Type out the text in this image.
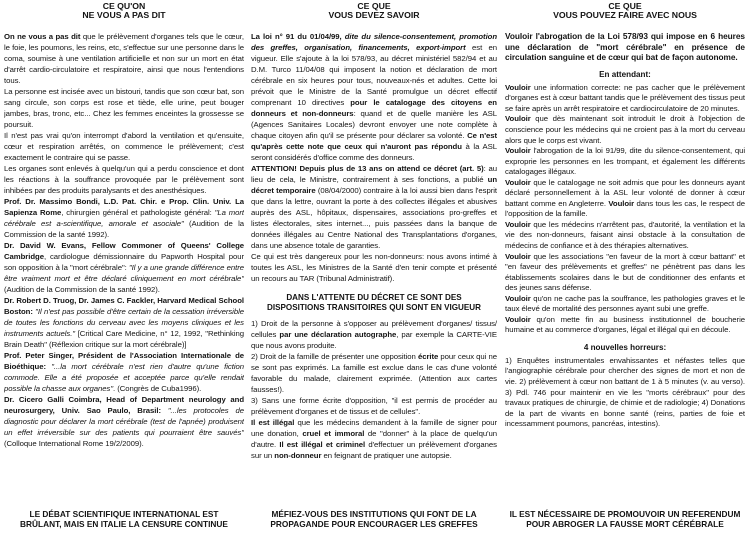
CE QU'ON
NE VOUS A PAS DIT

On ne vous a pas dit que le prélèvement d'organes tels que le cœur, le foie, les poumons, les reins, etc, s'effectue sur une personne dans le coma, soumise à une ventilation artificielle et non sur un mort en état d'arrêt cardio-circulatoire et respiratoire, ainsi que nous l'entendions tous.

La personne est incisée avec un bistouri, tandis que son cœur bat, son sang circule, son corps est rose et tiède, elle urine, peut bouger jambes, bras, tronc, etc... Chez les femmes enceintes la grossesse se poursuit.

Il n'est pas vrai qu'on interrompt d'abord la ventilation et qu'ensuite, cœur et respiration arrêtés, on commence le prélèvement; c'est exactement le contraire qui se passe.

Les organes sont enlevés à quelqu'un qui a perdu conscience et dont les réactions à la souffrance provoquée par le prélèvement sont inhibées par des produits paralysants et des anesthésiques.

Prof. Dr. Massimo Bondi, L.D. Pat. Chir. e Prop. Clin. Univ. La Sapienza Rome, chirurgien général et pathologiste général: "La mort cérébrale est a-scientifique, amorale et asociale" (Audition de la Commission de la santé 1992).

Dr. David W. Evans, Fellow Commoner of Queens' College Cambridge, cardiologue démissionnaire du Papworth Hospital pour son opposition à la "mort cérébrale": "Il y a une grande différence entre être vraiment mort et être déclaré cliniquement en mort cérébrale" (Audition de la Commission de la santé 1992).

Dr. Robert D. Truog, Dr. James C. Fackler, Harvard Medical School Boston: "Il n'est pas possible d'être certain de la cessation irréversible de toutes les fonctions du cerveau avec les moyens cliniques et les instruments actuels." [Critical Care Medicine, n° 12, 1992, "Rethinking Brain Death" (Réflexion critique sur la mort cérébrale)]

Prof. Peter Singer, Président de l'Association Internationale de Bioéthique: "...la mort cérébrale n'est rien d'autre qu'une fiction commode. Elle a été proposée et acceptée parce qu'elle rendait possible la chasse aux organes". (Congrès de Cuba1996).

Dr. Cicero Galli Coimbra, Head of Department neurology and neurosurgery, Univ. Sao Paulo, Brasil: "...les protocoles de diagnostic pour déclarer la mort cérébrale (test de l'apnée) produisent un effet irréversible sur des patients qui pourraient être sauvés" (Colloque International Rome 19/2/2009).

LE DÉBAT SCIENTIFIQUE INTERNATIONAL EST
BRÛLANT, MAIS EN ITALIE LA CENSURE CONTINUE
CE QUE
VOUS DEVEZ SAVOIR

La loi n° 91 du 01/04/99, dite du silence-consentement, promotion des greffes, organisation, financements, export-import est en vigueur. Elle s'ajoute à la loi 578/93, au décret ministériel 582/94 et au D.M. Turco 11/04/08 qui imposent la notion et déclaration de mort cérébrale en six heures pour tous, nouveaux-nés et adultes. Cette loi prévoit que le Ministre de la Santé promulgue un décret effectif comprenant 10 directives pour le catalogage des citoyens en donneurs et non-donneurs: quand et de quelle manière les ASL (Agences Sanitaires Locales) devront envoyer une note complète à chaque citoyen afin qu'il se présente pour déclarer sa volonté. Ce n'est qu'après cette note que ceux qui n'auront pas répondu à la ASL seront considérés d'office comme des donneurs.

ATTENTION! Depuis plus de 13 ans on attend ce décret (art. 5): au lieu de cela, le Ministre, contrairement à ses fonctions, a publié un décret temporaire (08/04/2000) contraire à la loi aussi bien dans l'esprit que dans la lettre, ouvrant la porte à des collectes illégales et abusives auprès des ASL, hôpitaux, dispensaires, associations pro-greffes et listes électorales, sites internet..., puis passées dans la banque de données illégales au Centre National des Transplantations d'organes, dans une absence totale de garanties.

Ce qui est très dangereux pour les non-donneurs: nous avons intimé à toutes les ASL, les Ministres de la Santé d'en tenir compte et présenté un recours au TAR (Tribunal Administratif).

DANS L'ATTENTE DU DÉCRET CE SONT DES
DISPOSITIONS TRANSITOIRES QUI SONT EN VIGUEUR

1) Droit de la personne à s'opposer au prélèvement d'organes/ tissus/ cellules par une déclaration autographe, par exemple la CARTE-VIE que nous avons produite.

2) Droit de la famille de présenter une opposition écrite pour ceux qui ne se sont pas exprimés. La famille est exclue dans le cas d'une volonté favorable du malade, clairement exprimée. (Attention aux cartes fausses!).

3) Sans une forme écrite d'opposition, "il est permis de procéder au prélèvement d'organes et de tissus et de cellules".

Il est illégal que les médecins demandent à la famille de signer pour une donation, cruel et immoral de "donner" à la place de quelqu'un d'autre. Il est illégal et criminel d'effectuer un prélèvement d'organes sur un non-donneur en feignant de pratiquer une autopsie.

MÉFIEZ-VOUS DES INSTITUTIONS QUI FONT DE LA
PROPAGANDE POUR ENCOURAGER LES GREFFES
CE QUE
VOUS POUVEZ FAIRE AVEC NOUS

Vouloir l'abrogation de la Loi 578/93 qui impose en 6 heures une déclaration de "mort cérébrale" en présence de circulation sanguine et de cœur qui bat de façon autonome.

En attendant:

Vouloir une information correcte: ne pas cacher que le prélèvement d'organes est à cœur battant tandis que le prélèvement des tissus peut se faire après un arrêt respiratoire et cardiocirculatoire de 20 minutes.

Vouloir que dès maintenant soit introduit le droit à l'objection de conscience pour les médecins qui ne croient pas à la mort du cerveau alors que le corps est vivant.

Vouloir l'abrogation de la loi 91/99, dite du silence-consentement, qui exproprie les personnes en les trompant, et également les différents catalogages illégaux.

Vouloir que le catalogage ne soit admis que pour les donneurs ayant déclaré personnellement à la ASL leur volonté de donner à cœur battant comme en Angleterre. Vouloir dans tous les cas, le respect de l'opposition de la famille.

Vouloir que les médecins n'arrêtent pas, d'autorité, la ventilation et la vie des non-donneurs, faisant ainsi obstacle à la consultation de médecins de confiance et à des thérapies alternatives.

Vouloir que les associations "en faveur de la mort à cœur battant" et "en faveur des prélèvements et greffes" ne pénètrent pas dans les établissements scolaires dans le but de conditionner des enfants et des jeunes sans défense.

Vouloir qu'on ne cache pas la souffrance, les pathologies graves et le taux élevé de mortalité des personnes ayant subi une greffe.

Vouloir qu'on mette fin au business institutionnel de boucherie humaine et au commerce d'organes, légal et illégal qui en découle.

4 nouvelles horreurs:

1) Enquêtes instrumentales envahissantes et néfastes telles que l'angiographie cérébrale pour chercher des signes de mort et non de vie. 2) prélèvement à cœur non battant de 1 à 5 minutes (v. au verso). 3) Pdl. 746 pour maintenir en vie les "morts cérébraux" pour des travaux pratiques de chirurgie, de chimie et de radiologie; 4) Donations de la part de vivants en bonne santé (reins, parties de foie et incessamment poumons, pancréas, intestins).

IL EST NÉCESSAIRE DE PROMOUVOIR UN REFERENDUM
POUR ABROGER LA FAUSSE MORT CÉRÉBRALE
